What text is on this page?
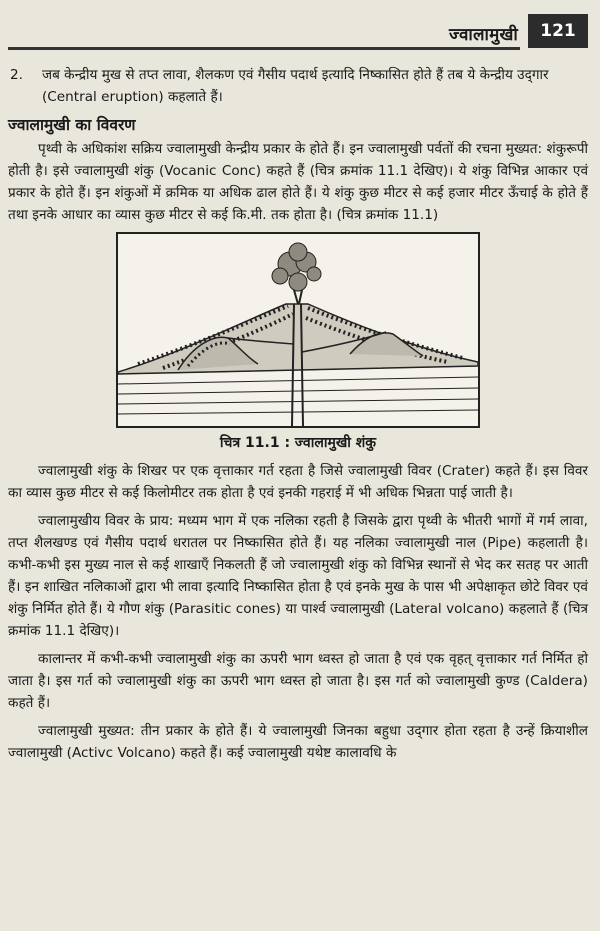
ज्वालामुखी	121
2.	जब केन्द्रीय मुख से तप्त लावा, शैलकण एवं गैसीय पदार्थ इत्यादि निष्कासित होते हैं तब ये केन्द्रीय उद्‌गार (Central eruption) कहलाते हैं।
ज्वालामुखी का विवरण

पृथ्वी के अधिकांश सक्रिय ज्वालामुखी केन्द्रीय प्रकार के होते हैं। इन ज्वालामुखी पर्वतों की रचना मुख्यत: शंकुरूपी होती है। इसे ज्वालामुखी शंकु (Vocanic Conc) कहते हैं (चित्र क्रमांक 11.1 देखिए)। ये शंकु विभिन्न आकार एवं प्रकार के होते हैं। इन शंकुओं में क्रमिक या अधिक ढाल होते हैं। ये शंकु कुछ मीटर से कई हजार मीटर ऊँचाई के होते हैं तथा इनके आधार का व्यास कुछ मीटर से कई कि.मी. तक होता है। (चित्र क्रमांक 11.1)

चित्र 11.1 : ज्वालामुखी शंकु

ज्वालामुखी शंकु के शिखर पर एक वृत्ताकार गर्त रहता है जिसे ज्वालामुखी विवर (Crater) कहते हैं। इस विवर का व्यास कुछ मीटर से कई किलोमीटर तक होता है एवं इनकी गहराई में भी अधिक भिन्नता पाई जाती है।

ज्वालामुखीय विवर के प्राय: मध्यम भाग में एक नलिका रहती है जिसके द्वारा पृथ्वी के भीतरी भागों में गर्म लावा, तप्त शैलखण्ड एवं गैसीय पदार्थ धरातल पर निष्कासित होते हैं। यह नलिका ज्वालामुखी नाल (Pipe) कहलाती है। कभी-कभी इस मुख्य नाल से कई शाखाएँ निकलती हैं जो ज्वालामुखी शंकु को विभिन्न स्थानों से भेद कर सतह पर आती हैं। इन शाखित नलिकाओं द्वारा भी लावा इत्यादि निष्कासित होता है एवं इनके मुख के पास भी अपेक्षाकृत छोटे विवर एवं शंकु निर्मित होते हैं। ये गौण शंकु (Parasitic cones) या पार्श्व ज्वालामुखी (Lateral volcano) कहलाते हैं (चित्र क्रमांक 11.1 देखिए)।

कालान्तर में कभी-कभी ज्वालामुखी शंकु का ऊपरी भाग ध्वस्त हो जाता है एवं एक वृहत्‌ वृत्ताकार गर्त निर्मित हो जाता है। इस गर्त को ज्वालामुखी शंकु का ऊपरी भाग ध्वस्त हो जाता है। इस गर्त को ज्वालामुखी कुण्ड (Caldera) कहते हैं।

ज्वालामुखी मुख्यत: तीन प्रकार के होते हैं। ये ज्वालामुखी जिनका बहुधा उद्‌गार होता रहता है उन्हें क्रियाशील ज्वालामुखी (Activc Volcano) कहते हैं। कई ज्वालामुखी यथेष्ट कालावधि के
